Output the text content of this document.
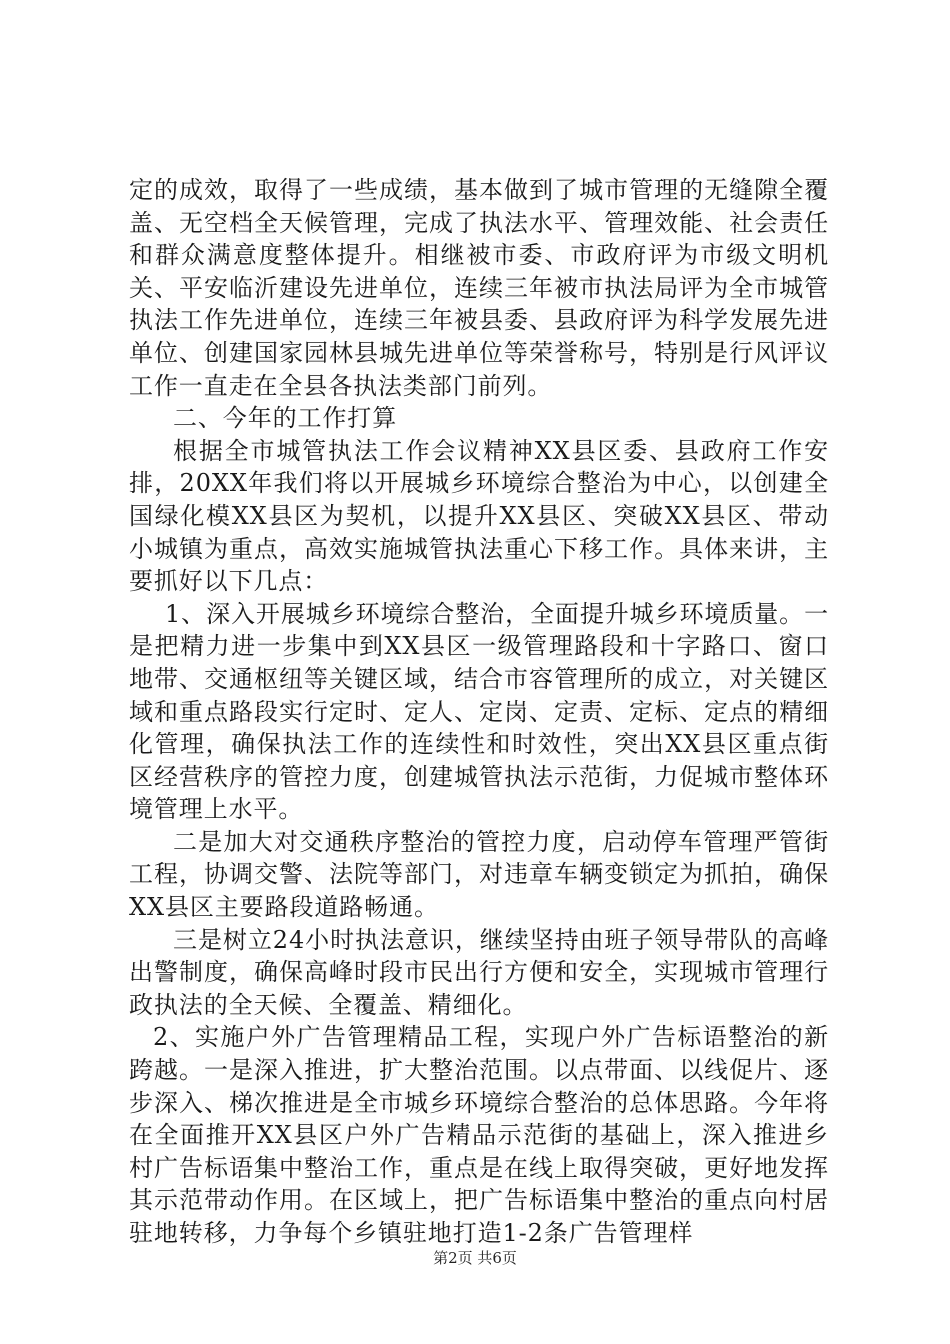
定的成效，取得了一些成绩，基本做到了城市管理的无缝隙全覆盖、无空档全天候管理，完成了执法水平、管理效能、社会责任和群众满意度整体提升。相继被市委、市政府评为市级文明机关、平安临沂建设先进单位，连续三年被市执法局评为全市城管执法工作先进单位，连续三年被县委、县政府评为科学发展先进单位、创建国家园林县城先进单位等荣誉称号，特别是行风评议工作一直走在全县各执法类部门前列。

二、今年的工作打算

根据全市城管执法工作会议精神XX县区委、县政府工作安排，20XX年我们将以开展城乡环境综合整治为中心，以创建全国绿化模XX县区为契机，以提升XX县区、突破XX县区、带动小城镇为重点，高效实施城管执法重心下移工作。具体来讲，主要抓好以下几点：

1、深入开展城乡环境综合整治，全面提升城乡环境质量。一是把精力进一步集中到XX县区一级管理路段和十字路口、窗口地带、交通枢纽等关键区域，结合市容管理所的成立，对关键区域和重点路段实行定时、定人、定岗、定责、定标、定点的精细化管理，确保执法工作的连续性和时效性，突出XX县区重点街区经营秩序的管控力度，创建城管执法示范街，力促城市整体环境管理上水平。

二是加大对交通秩序整治的管控力度，启动停车管理严管街工程，协调交警、法院等部门，对违章车辆变锁定为抓拍，确保XX县区主要路段道路畅通。

三是树立24小时执法意识，继续坚持由班子领导带队的高峰出警制度，确保高峰时段市民出行方便和安全，实现城市管理行政执法的全天候、全覆盖、精细化。

2、实施户外广告管理精品工程，实现户外广告标语整治的新跨越。一是深入推进，扩大整治范围。以点带面、以线促片、逐步深入、梯次推进是全市城乡环境综合整治的总体思路。今年将在全面推开XX县区户外广告精品示范街的基础上，深入推进乡村广告标语集中整治工作，重点是在线上取得突破，更好地发挥其示范带动作用。在区域上，把广告标语集中整治的重点向村居驻地转移，力争每个乡镇驻地打造1-2条广告管理样

第2页 共6页
